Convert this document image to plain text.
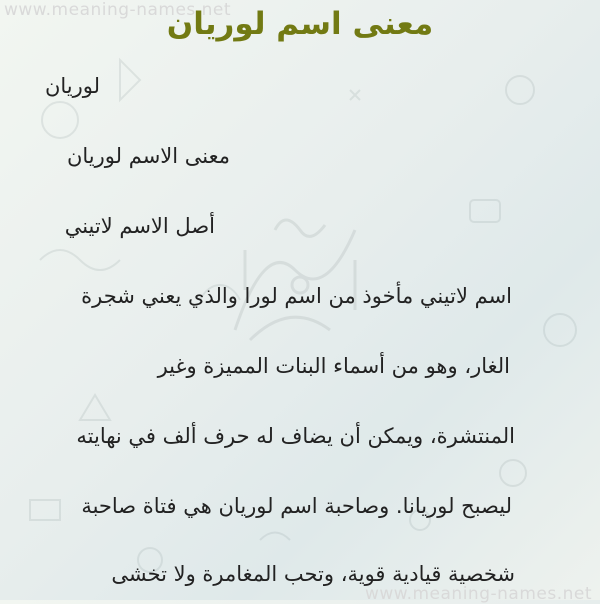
www.meaning-names.net
معنى اسم لوريان
لوريان
معنى الاسم لوريان
أصل الاسم لاتيني
اسم لاتيني مأخوذ من اسم لورا والذي يعني شجرة
الغار، وهو من أسماء البنات المميزة وغير
المنتشرة، ويمكن أن يضاف له حرف ألف في نهايته
ليصبح لوريانا. وصاحبة اسم لوريان هي فتاة صاحبة
شخصية قيادية قوية، وتحب المغامرة ولا تخشى
www.meaning-names.net
